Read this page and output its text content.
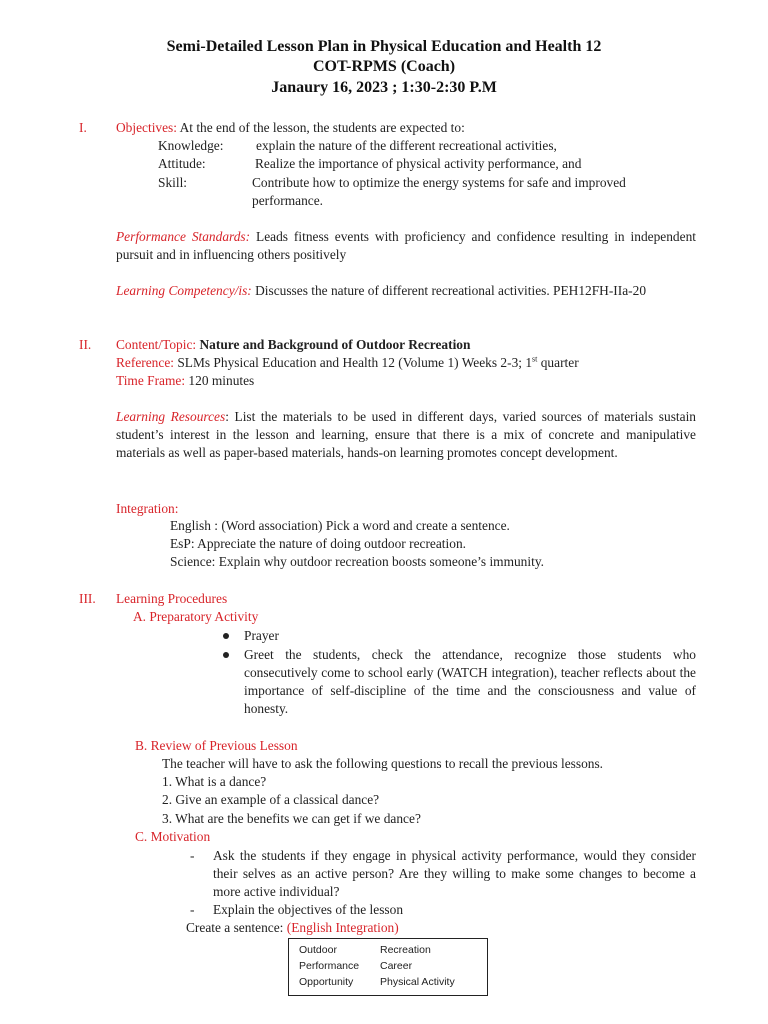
Semi-Detailed Lesson Plan in Physical Education and Health 12
COT-RPMS (Coach)
Janaury 16, 2023 ; 1:30-2:30 P.M
I. Objectives: At the end of the lesson, the students are expected to:
Knowledge: explain the nature of the different recreational activities,
Attitude:	Realize the importance of physical activity performance, and
Skill:	Contribute how to optimize the energy systems for safe and improved
performance.
Performance Standards: Leads fitness events with proficiency and confidence resulting in independent pursuit and in influencing others positively
Learning Competency/is: Discusses the nature of different recreational activities. PEH12FH-IIa-20
II. Content/Topic: Nature and Background of Outdoor Recreation
Reference: SLMs Physical Education and Health 12 (Volume 1) Weeks 2-3; 1st quarter
Time Frame: 120 minutes
Learning Resources: List the materials to be used in different days, varied sources of materials sustain student’s interest in the lesson and learning, ensure that there is a mix of concrete and manipulative materials as well as paper-based materials, hands-on learning promotes concept development.
Integration:
English : (Word association) Pick a word and create a sentence.
EsP: Appreciate the nature of doing outdoor recreation.
Science: Explain why outdoor recreation boosts someone’s immunity.
III. Learning Procedures
A. Preparatory Activity
Prayer
Greet the students, check the attendance, recognize those students who consecutively come to school early (WATCH integration), teacher reflects about the importance of self-discipline of the time and the consciousness and value of honesty.
B. Review of Previous Lesson
The teacher will have to ask the following questions to recall the previous lessons.
1. What is a dance?
2. Give an example of a classical dance?
3. What are the benefits we can get if we dance?
C. Motivation
- Ask the students if they engage in physical activity performance, would they consider their selves as an active person? Are they willing to make some changes to become a more active individual?
- Explain the objectives of the lesson
Create a sentence: (English Integration)
Outdoor	Recreation
Performance Career
Opportunity	Physical Activity
